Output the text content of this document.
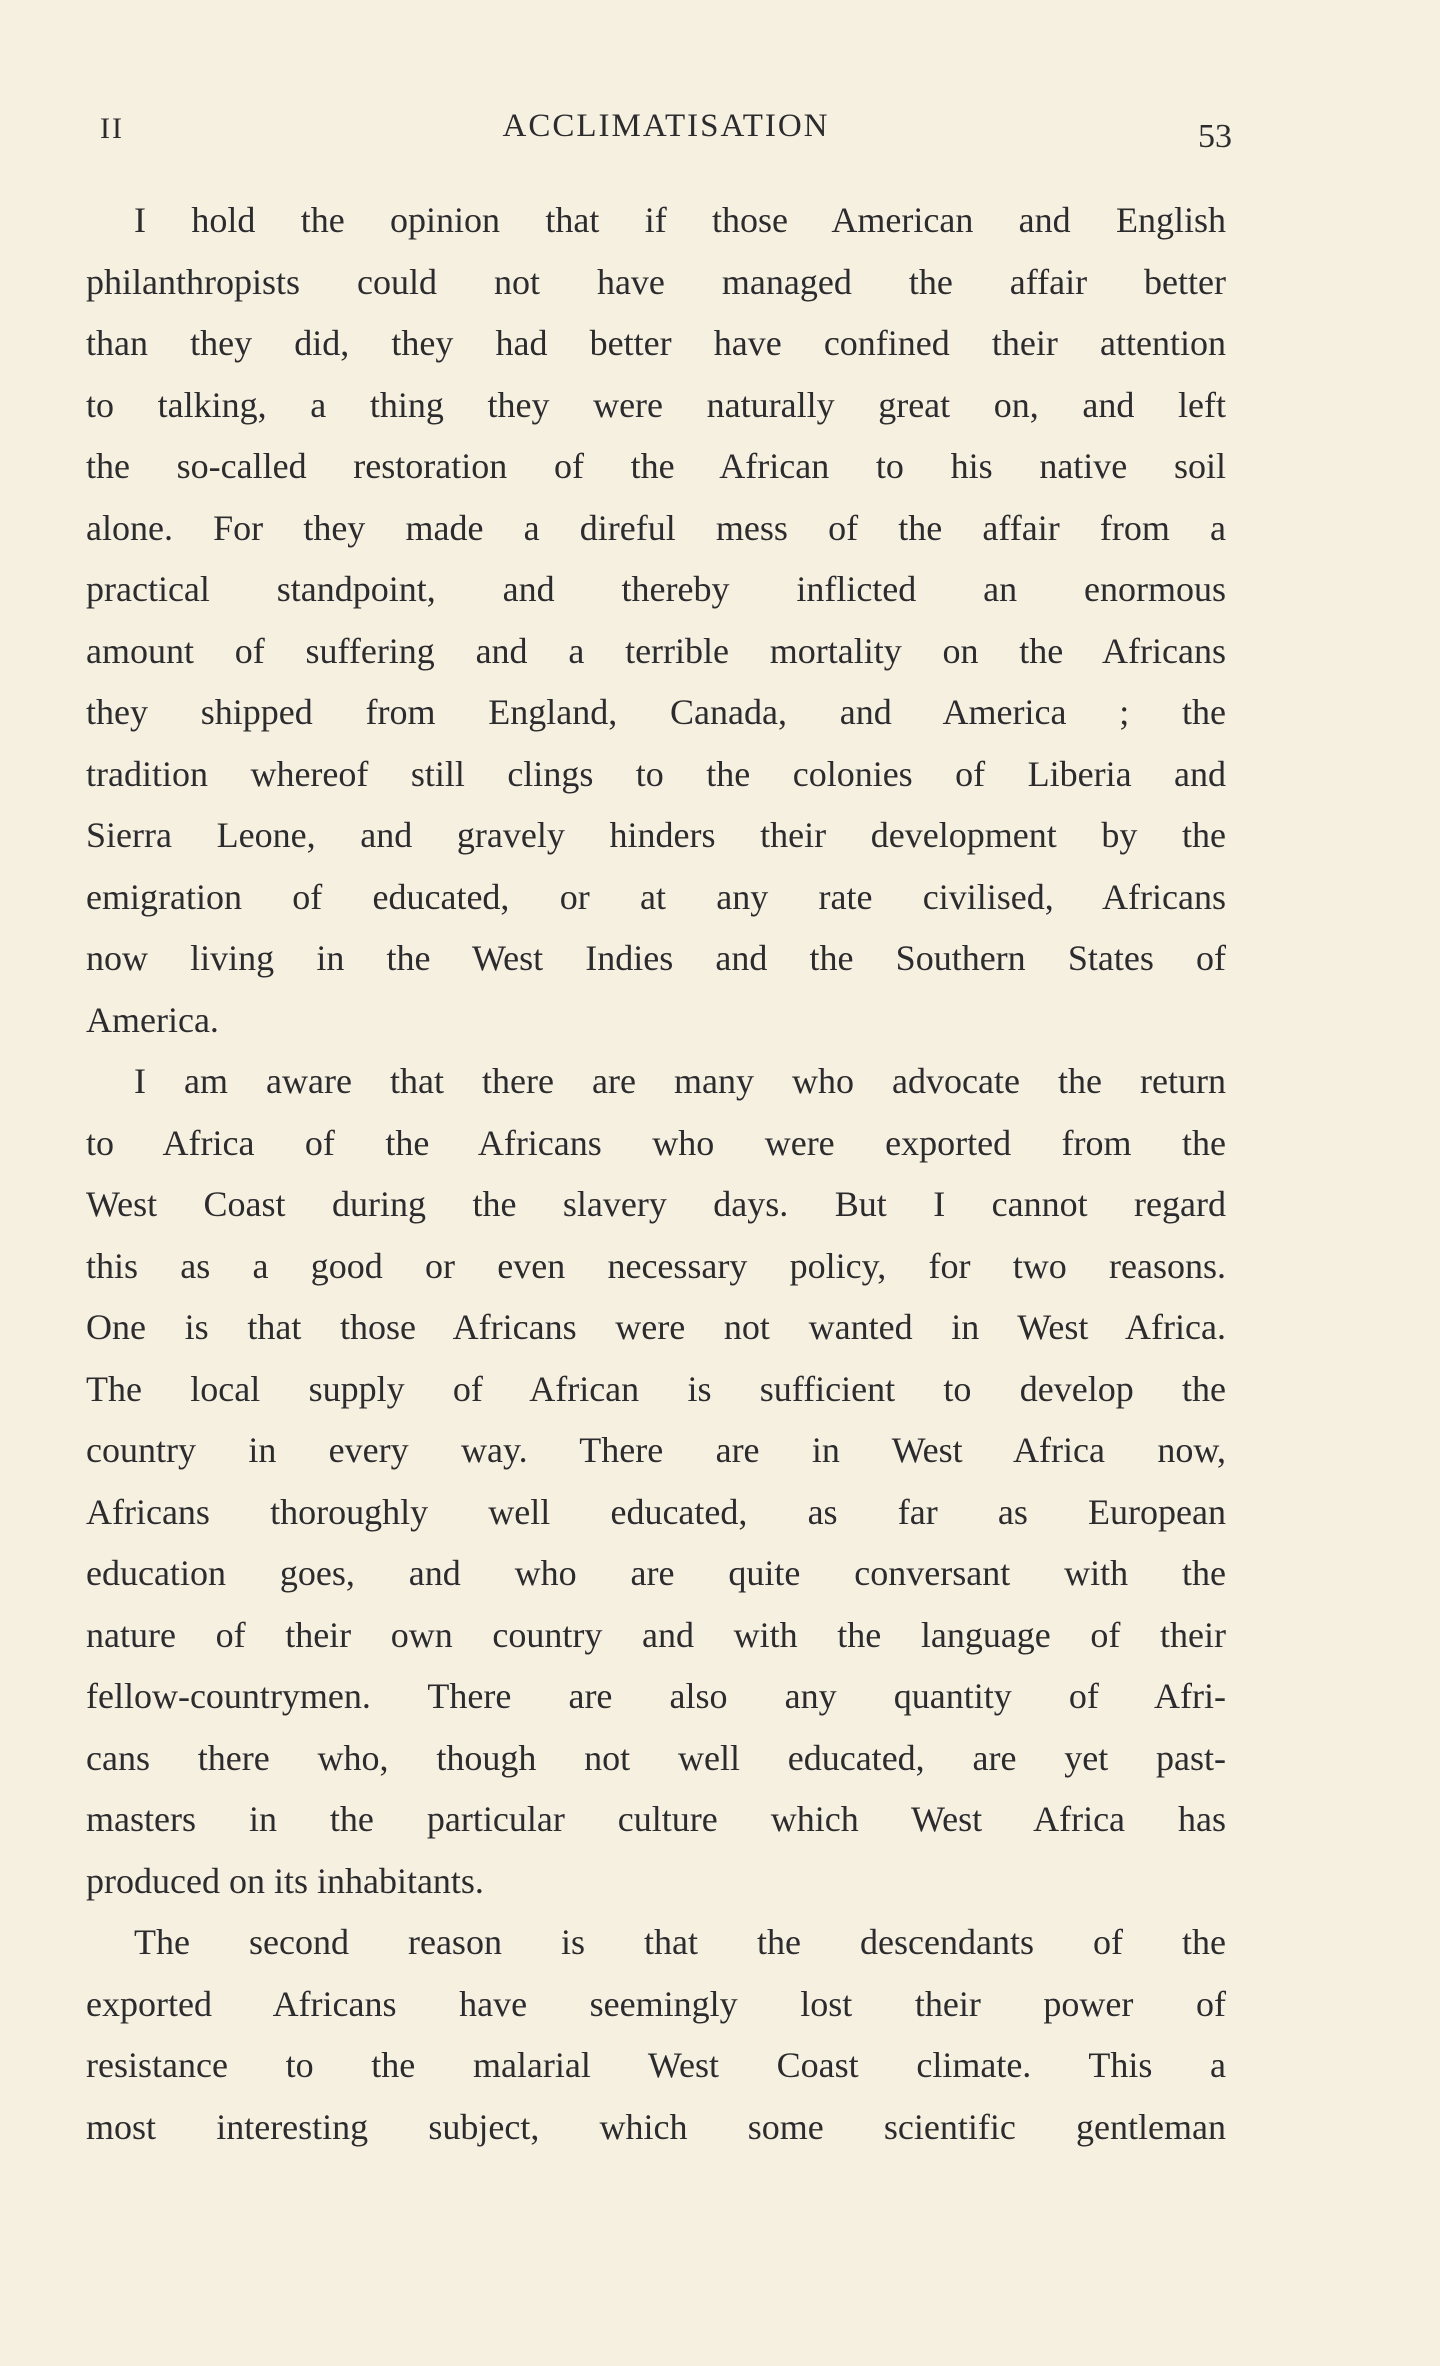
II	ACCLIMATISATION	53
I hold the opinion that if those American and English
philanthropists could not have managed the affair better
than they did, they had better have confined their attention
to talking, a thing they were naturally great on, and left
the so-called restoration of the African to his native soil
alone. For they made a direful mess of the affair from a
practical standpoint, and thereby inflicted an enormous
amount of suffering and a terrible mortality on the Africans
they shipped from England, Canada, and America ; the
tradition whereof still clings to the colonies of Liberia and
Sierra Leone, and gravely hinders their development by the
emigration of educated, or at any rate civilised, Africans
now living in the West Indies and the Southern States of
America.
I am aware that there are many who advocate the return
to Africa of the Africans who were exported from the
West Coast during the slavery days. But I cannot regard
this as a good or even necessary policy, for two reasons.
One is that those Africans were not wanted in West Africa.
The local supply of African is sufficient to develop the
country in every way. There are in West Africa now,
Africans thoroughly well educated, as far as European
education goes, and who are quite conversant with the
nature of their own country and with the language of their
fellow-countrymen. There are also any quantity of Afri-
cans there who, though not well educated, are yet past-
masters in the particular culture which West Africa has
produced on its inhabitants.
The second reason is that the descendants of the
exported Africans have seemingly lost their power of
resistance to the malarial West Coast climate. This a
most interesting subject, which some scientific gentleman
